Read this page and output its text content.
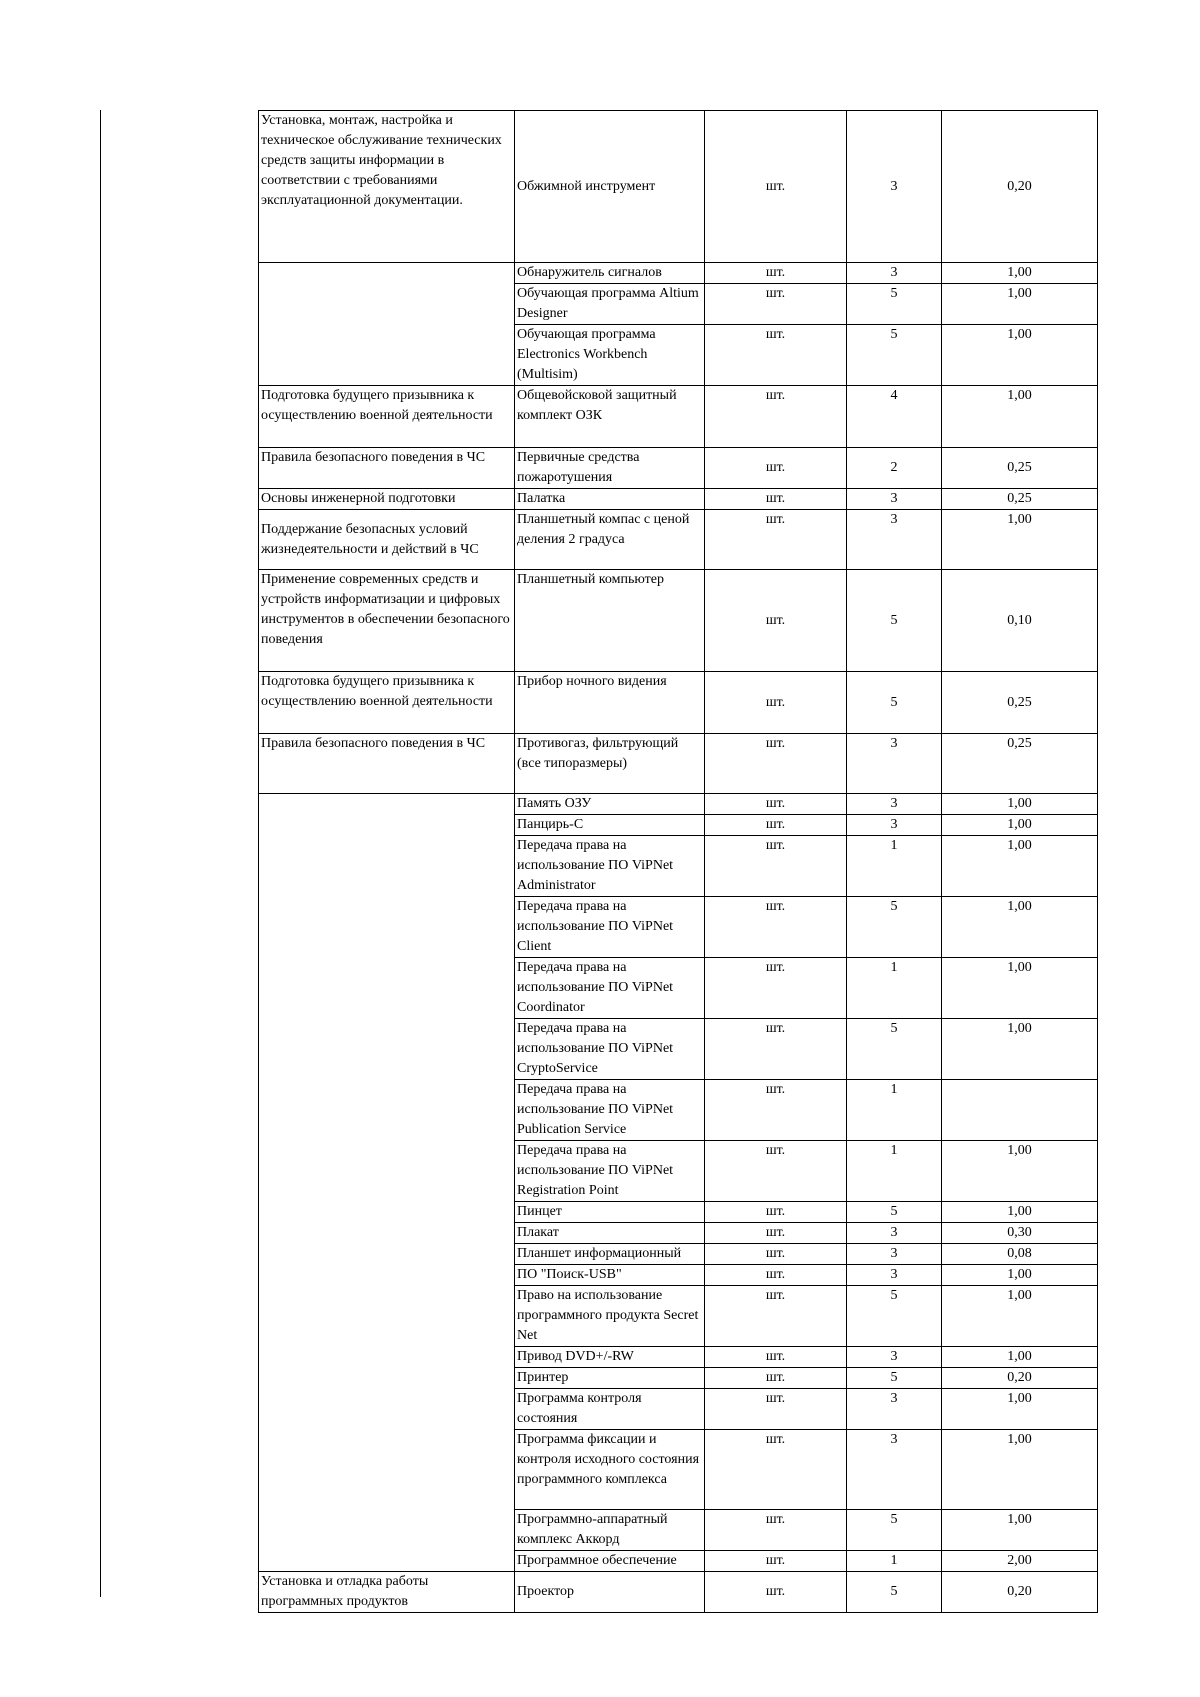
Установка, монтаж, настройка и техническое обслуживание технических средств защиты информации в соответствии с требованиями эксплуатационной документации.	Обжимной инструмент	шт.	3	0,20
	Обнаружитель сигналов	шт.	3	1,00
	Обучающая программа Altium Designer	шт.	5	1,00
	Обучающая программа Electronics Workbench (Multisim)	шт.	5	1,00
Подготовка будущего призывника к осуществлению военной деятельности	Общевойсковой защитный комплект ОЗК	шт.	4	1,00
Правила безопасного поведения в ЧС	Первичные средства пожаротушения	шт.	2	0,25
Основы инженерной подготовки	Палатка	шт.	3	0,25
Поддержание безопасных условий жизнедеятельности и действий в ЧС	Планшетный компас с ценой деления 2 градуса	шт.	3	1,00
Применение современных средств и устройств информатизации и цифровых инструментов в обеспечении безопасного поведения	Планшетный компьютер	шт.	5	0,10
Подготовка будущего призывника к осуществлению военной деятельности	Прибор ночного видения	шт.	5	0,25
Правила безопасного поведения в ЧС	Противогаз, фильтрующий (все типоразмеры)	шт.	3	0,25
	Память ОЗУ	шт.	3	1,00
	Панцирь-С	шт.	3	1,00
	Передача права на использование ПО ViPNet Administrator	шт.	1	1,00
	Передача права на использование ПО ViPNet Client	шт.	5	1,00
	Передача права на использование ПО ViPNet Coordinator	шт.	1	1,00
	Передача права на использование ПО ViPNet CryptoService	шт.	5	1,00
	Передача права на использование ПО ViPNet Publication Service	шт.	1	
	Передача права на использование ПО ViPNet Registration Point	шт.	1	1,00
	Пинцет	шт.	5	1,00
	Плакат	шт.	3	0,30
	Планшет информационный	шт.	3	0,08
	ПО "Поиск-USB"	шт.	3	1,00
	Право на использование программного продукта Secret Net	шт.	5	1,00
	Привод DVD+/-RW	шт.	3	1,00
	Принтер	шт.	5	0,20
	Программа контроля состояния	шт.	3	1,00
	Программа фиксации и контроля исходного состояния программного комплекса	шт.	3	1,00
	Программно-аппаратный комплекс Аккорд	шт.	5	1,00
	Программное обеспечение	шт.	1	2,00
Установка и отладка работы программных продуктов	Проектор	шт.	5	0,20
